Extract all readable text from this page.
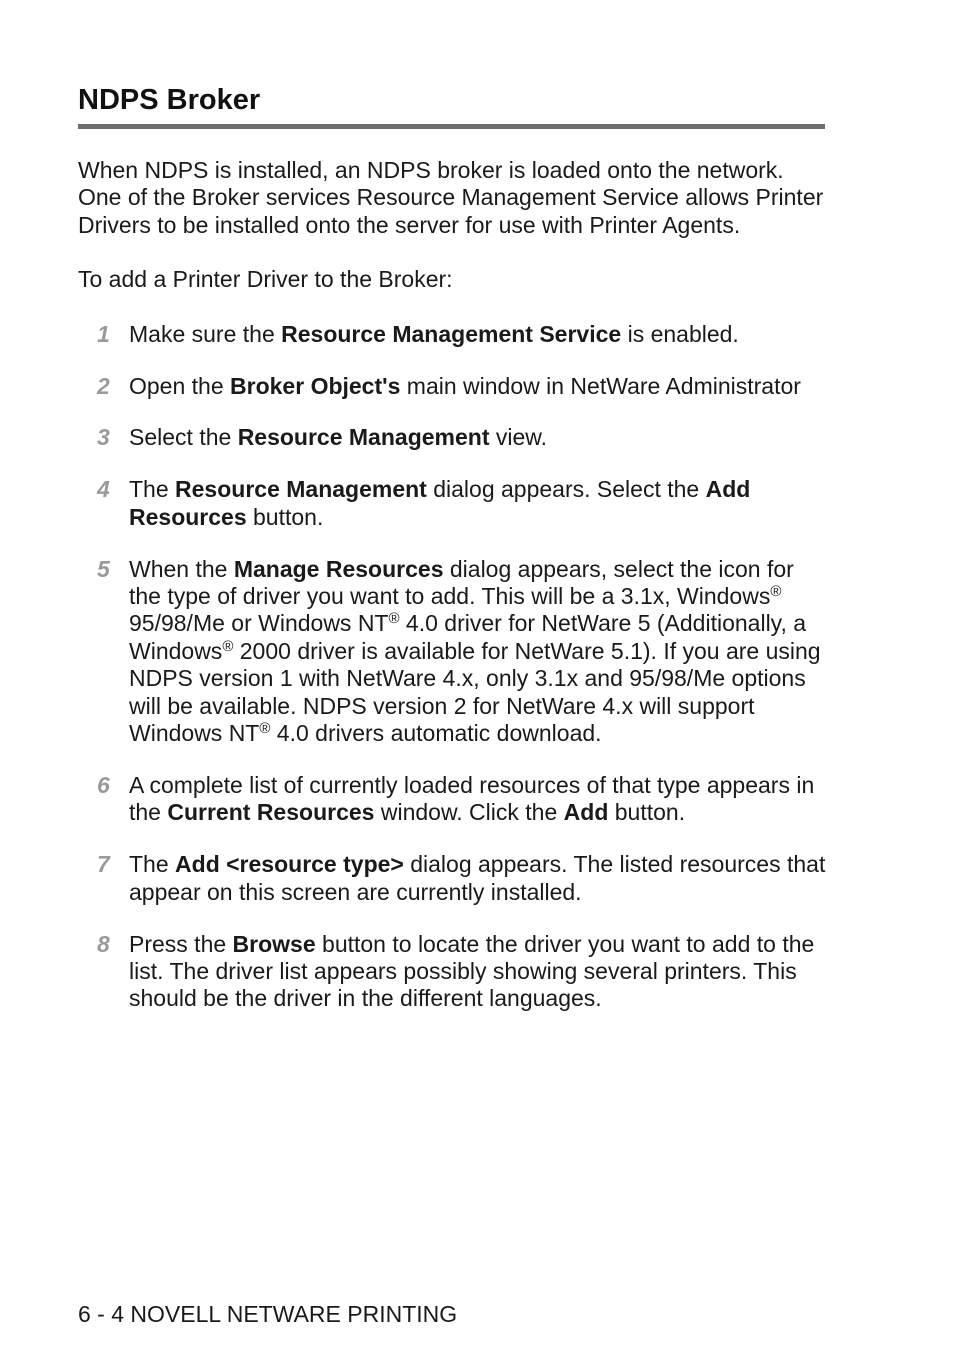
NDPS Broker

When NDPS is installed, an NDPS broker is loaded onto the network. One of the Broker services Resource Management Service allows Printer Drivers to be installed onto the server for use with Printer Agents.

To add a Printer Driver to the Broker:

1 Make sure the Resource Management Service is enabled.
2 Open the Broker Object's main window in NetWare Administrator
3 Select the Resource Management view.
4 The Resource Management dialog appears. Select the Add Resources button.
5 When the Manage Resources dialog appears, select the icon for the type of driver you want to add. This will be a 3.1x, Windows® 95/98/Me or Windows NT® 4.0 driver for NetWare 5 (Additionally, a Windows® 2000 driver is available for NetWare 5.1). If you are using NDPS version 1 with NetWare 4.x, only 3.1x and 95/98/Me options will be available. NDPS version 2 for NetWare 4.x will support Windows NT® 4.0 drivers automatic download.
6 A complete list of currently loaded resources of that type appears in the Current Resources window. Click the Add button.
7 The Add <resource type> dialog appears. The listed resources that appear on this screen are currently installed.
8 Press the Browse button to locate the driver you want to add to the list. The driver list appears possibly showing several printers. This should be the driver in the different languages.
6 - 4 NOVELL NETWARE PRINTING
